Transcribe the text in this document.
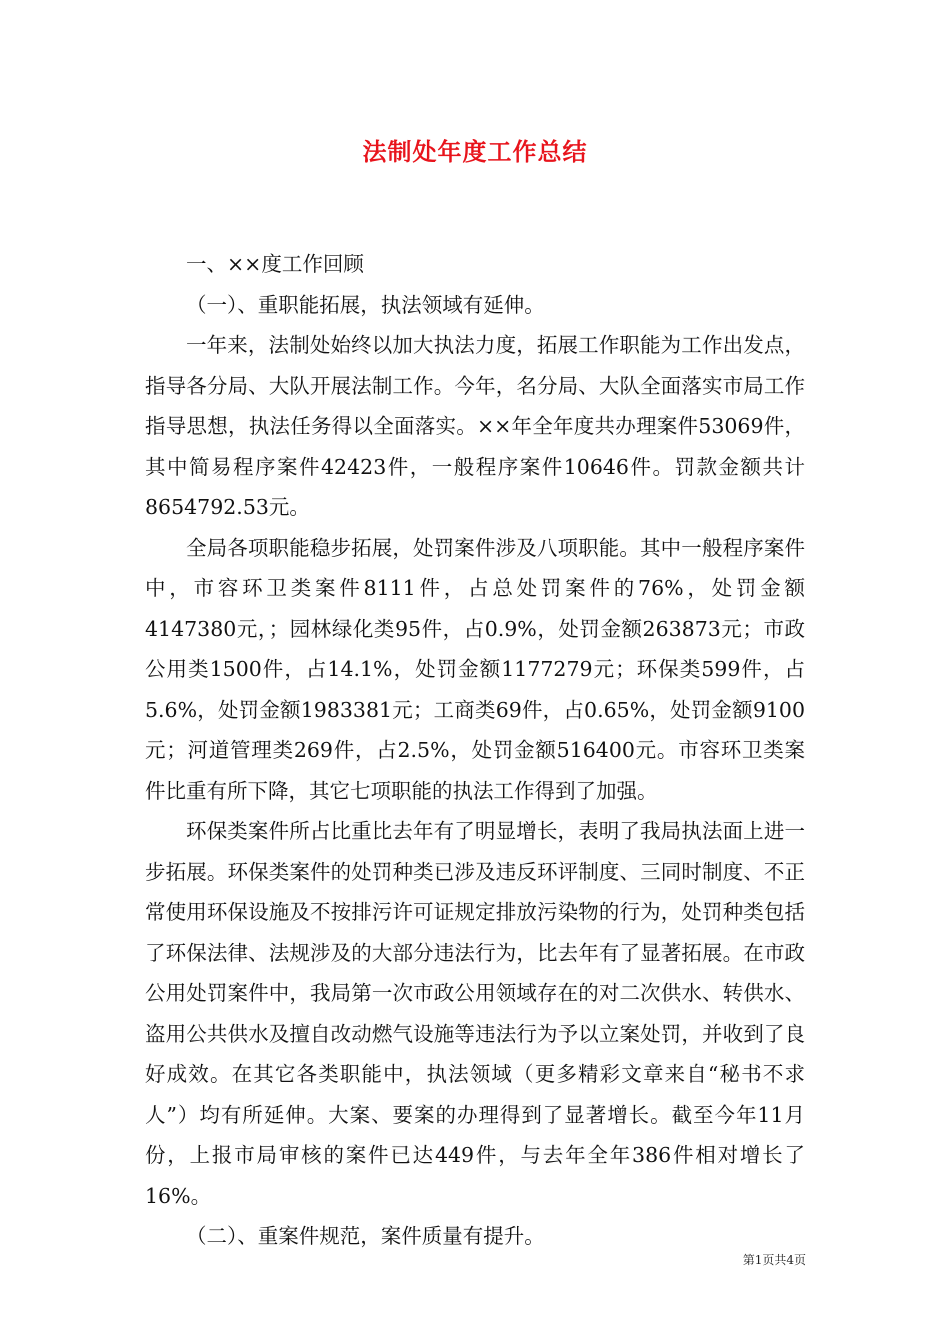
法制处年度工作总结

一、××度工作回顾

（一）、重职能拓展，执法领域有延伸。

一年来，法制处始终以加大执法力度，拓展工作职能为工作出发点，指导各分局、大队开展法制工作。今年，名分局、大队全面落实市局工作指导思想，执法任务得以全面落实。××年全年度共办理案件53069件，其中简易程序案件42423件，一般程序案件10646件。罚款金额共计8654792.53元。

全局各项职能稳步拓展，处罚案件涉及八项职能。其中一般程序案件中，市容环卫类案件8111件，占总处罚案件的76%，处罚金额4147380元，；园林绿化类95件，占0.9%，处罚金额263873元；市政公用类1500件，占14.1%，处罚金额1177279元；环保类599件，占5.6%，处罚金额1983381元；工商类69件，占0.65%，处罚金额9100元；河道管理类269件，占2.5%，处罚金额516400元。市容环卫类案件比重有所下降，其它七项职能的执法工作得到了加强。

环保类案件所占比重比去年有了明显增长，表明了我局执法面上进一步拓展。环保类案件的处罚种类已涉及违反环评制度、三同时制度、不正常使用环保设施及不按排污许可证规定排放污染物的行为，处罚种类包括了环保法律、法规涉及的大部分违法行为，比去年有了显著拓展。在市政公用处罚案件中，我局第一次市政公用领域存在的对二次供水、转供水、盗用公共供水及擅自改动燃气设施等违法行为予以立案处罚，并收到了良好成效。在其它各类职能中，执法领域（更多精彩文章来自“秘书不求人”）均有所延伸。大案、要案的办理得到了显著增长。截至今年11月份，上报市局审核的案件已达449件，与去年全年386件相对增长了16%。

（二）、重案件规范，案件质量有提升。

第1页共4页
